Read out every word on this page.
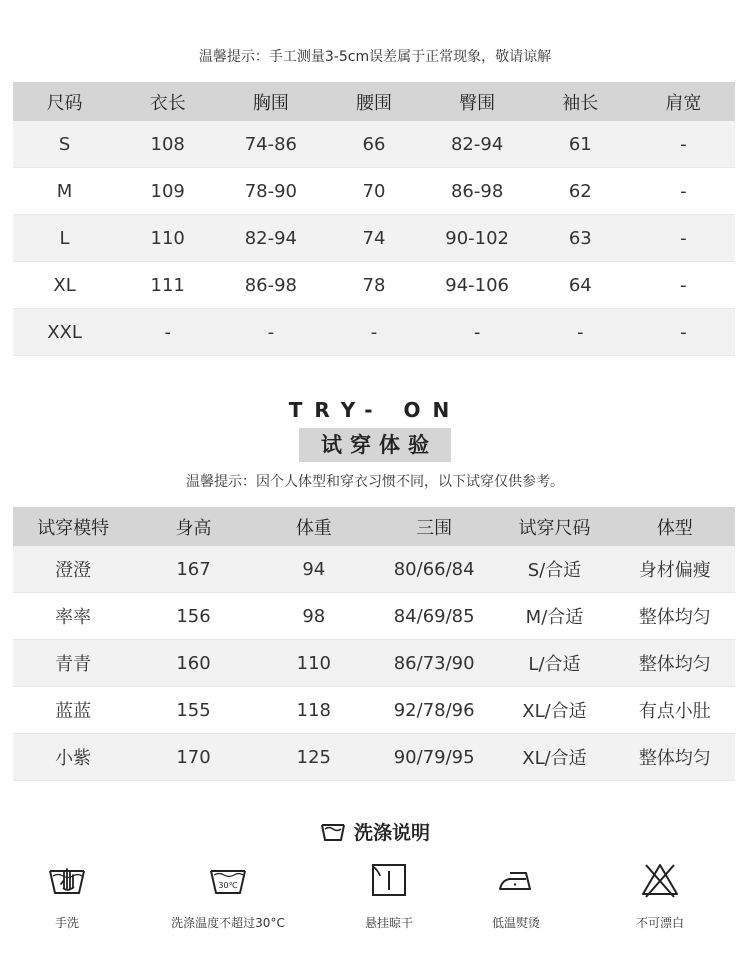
温馨提示：手工测量3-5cm误差属于正常现象，敬请谅解
尺码	衣长	胸围	腰围	臀围	袖长	肩宽
S	108	74-86	66	82-94	61	-
M	109	78-90	70	86-98	62	-
L	110	82-94	74	90-102	63	-
XL	111	86-98	78	94-106	64	-
XXL	-	-	-	-	-	-
TRY- ON
试穿体验
温馨提示：因个人体型和穿衣习惯不同，以下试穿仅供参考。
试穿模特	身高	体重	三围	试穿尺码	体型
澄澄	167	94	80/66/84	S/合适	身材偏瘦
率率	156	98	84/69/85	M/合适	整体均匀
青青	160	110	86/73/90	L/合适	整体均匀
蓝蓝	155	118	92/78/96	XL/合适	有点小肚
小紫	170	125	90/79/95	XL/合适	整体均匀
洗涤说明
手洗
30℃
洗涤温度不超过30°C	悬挂晾干	低温熨烫	不可漂白
